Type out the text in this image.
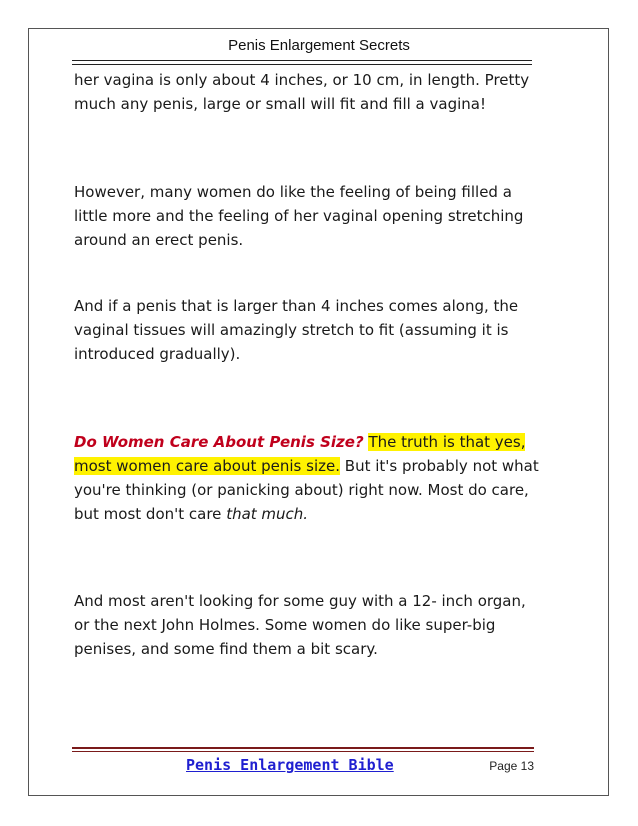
Penis Enlargement Secrets

her vagina is only about 4 inches, or 10 cm, in length. Pretty much any penis, large or small will fit and fill a vagina!

However, many women do like the feeling of being filled a little more and the feeling of her vaginal opening stretching around an erect penis.

And if a penis that is larger than 4 inches comes along, the vaginal tissues will amazingly stretch to fit (assuming it is introduced gradually).

Do Women Care About Penis Size? The truth is that yes, most women care about penis size. But it's probably not what you're thinking (or panicking about) right now. Most do care, but most don't care that much.

And most aren't looking for some guy with a 12- inch organ, or the next John Holmes. Some women do like super-big penises, and some find them a bit scary.

Penis Enlargement Bible	Page 13
